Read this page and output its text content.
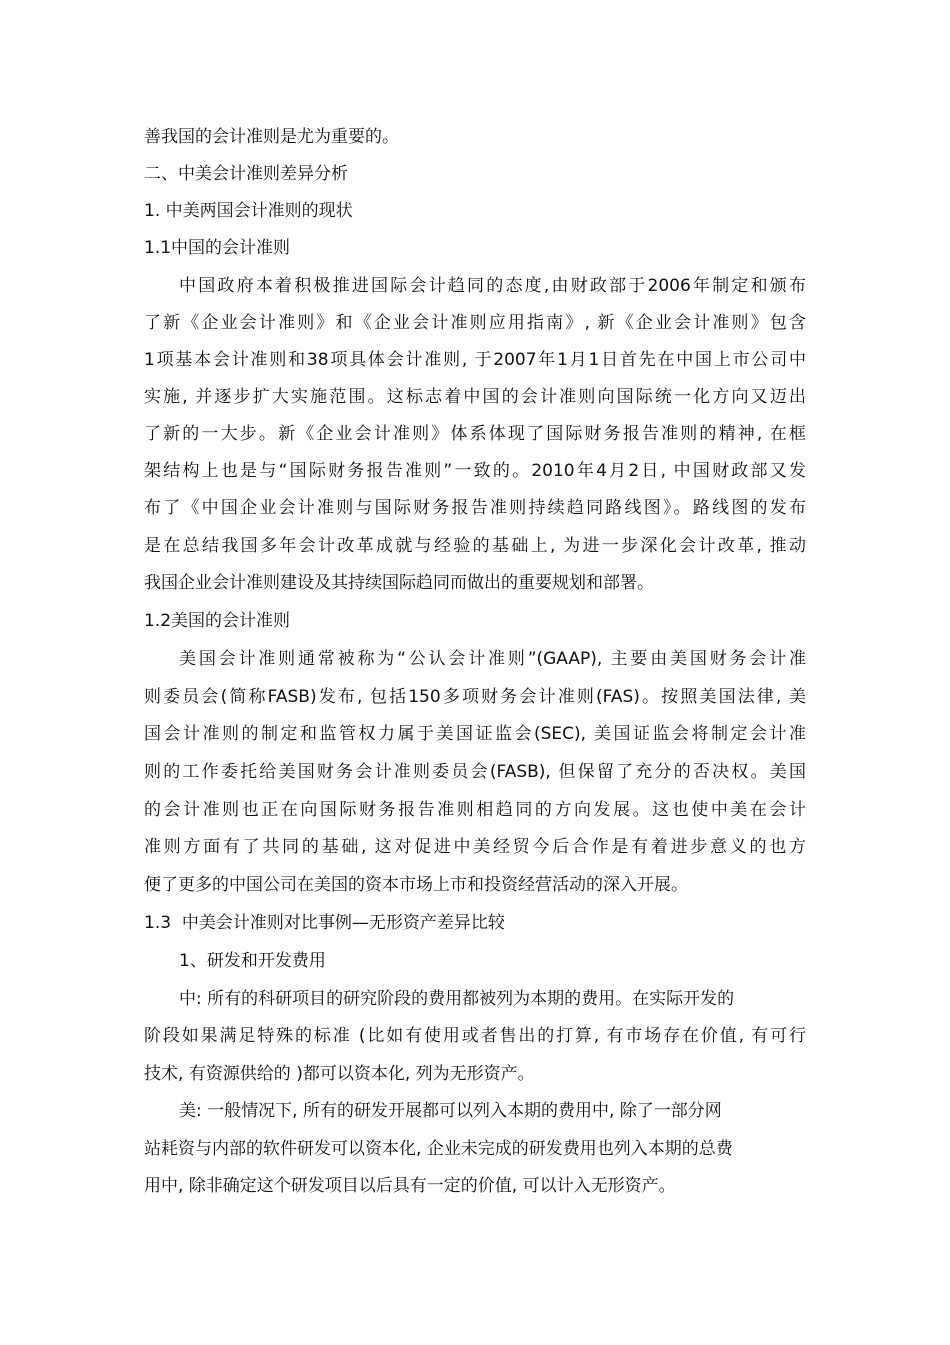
善我国的会计准则是尤为重要的。
二、中美会计准则差异分析
1. 中美两国会计准则的现状
1.1中国的会计准则
中国政府本着积极推进国际会计趋同的态度,由财政部于2006年制定和颁布
了新《企业会计准则》和《企业会计准则应用指南》, 新《企业会计准则》包含
1项基本会计准则和38项具体会计准则, 于2007年1月1日首先在中国上市公司中
实施, 并逐步扩大实施范围。这标志着中国的会计准则向国际统一化方向又迈出
了新的一大步。新《企业会计准则》体系体现了国际财务报告准则的精神, 在框
架结构上也是与“国际财务报告准则”一致的。2010年4月2日, 中国财政部又发
布了《中国企业会计准则与国际财务报告准则持续趋同路线图》。路线图的发布
是在总结我国多年会计改革成就与经验的基础上, 为进一步深化会计改革, 推动
我国企业会计准则建设及其持续国际趋同而做出的重要规划和部署。
1.2美国的会计准则
美国会计准则通常被称为“公认会计准则”(GAAP), 主要由美国财务会计准
则委员会(简称FASB)发布, 包括150多项财务会计准则(FAS)。按照美国法律, 美
国会计准则的制定和监管权力属于美国证监会(SEC), 美国证监会将制定会计准
则的工作委托给美国财务会计准则委员会(FASB), 但保留了充分的否决权。美国
的会计准则也正在向国际财务报告准则相趋同的方向发展。这也使中美在会计
准则方面有了共同的基础, 这对促进中美经贸今后合作是有着进步意义的也方
便了更多的中国公司在美国的资本市场上市和投资经营活动的深入开展。
1.3  中美会计准则对比事例—无形资产差异比较
1、研发和开发费用
中: 所有的科研项目的研究阶段的费用都被列为本期的费用。在实际开发的
阶段如果满足特殊的标准 (比如有使用或者售出的打算, 有市场存在价值, 有可行
技术, 有资源供给的 )都可以资本化, 列为无形资产。
美: 一般情况下, 所有的研发开展都可以列入本期的费用中, 除了一部分网
站耗资与内部的软件研发可以资本化, 企业未完成的研发费用也列入本期的总费
用中, 除非确定这个研发项目以后具有一定的价值, 可以计入无形资产。
